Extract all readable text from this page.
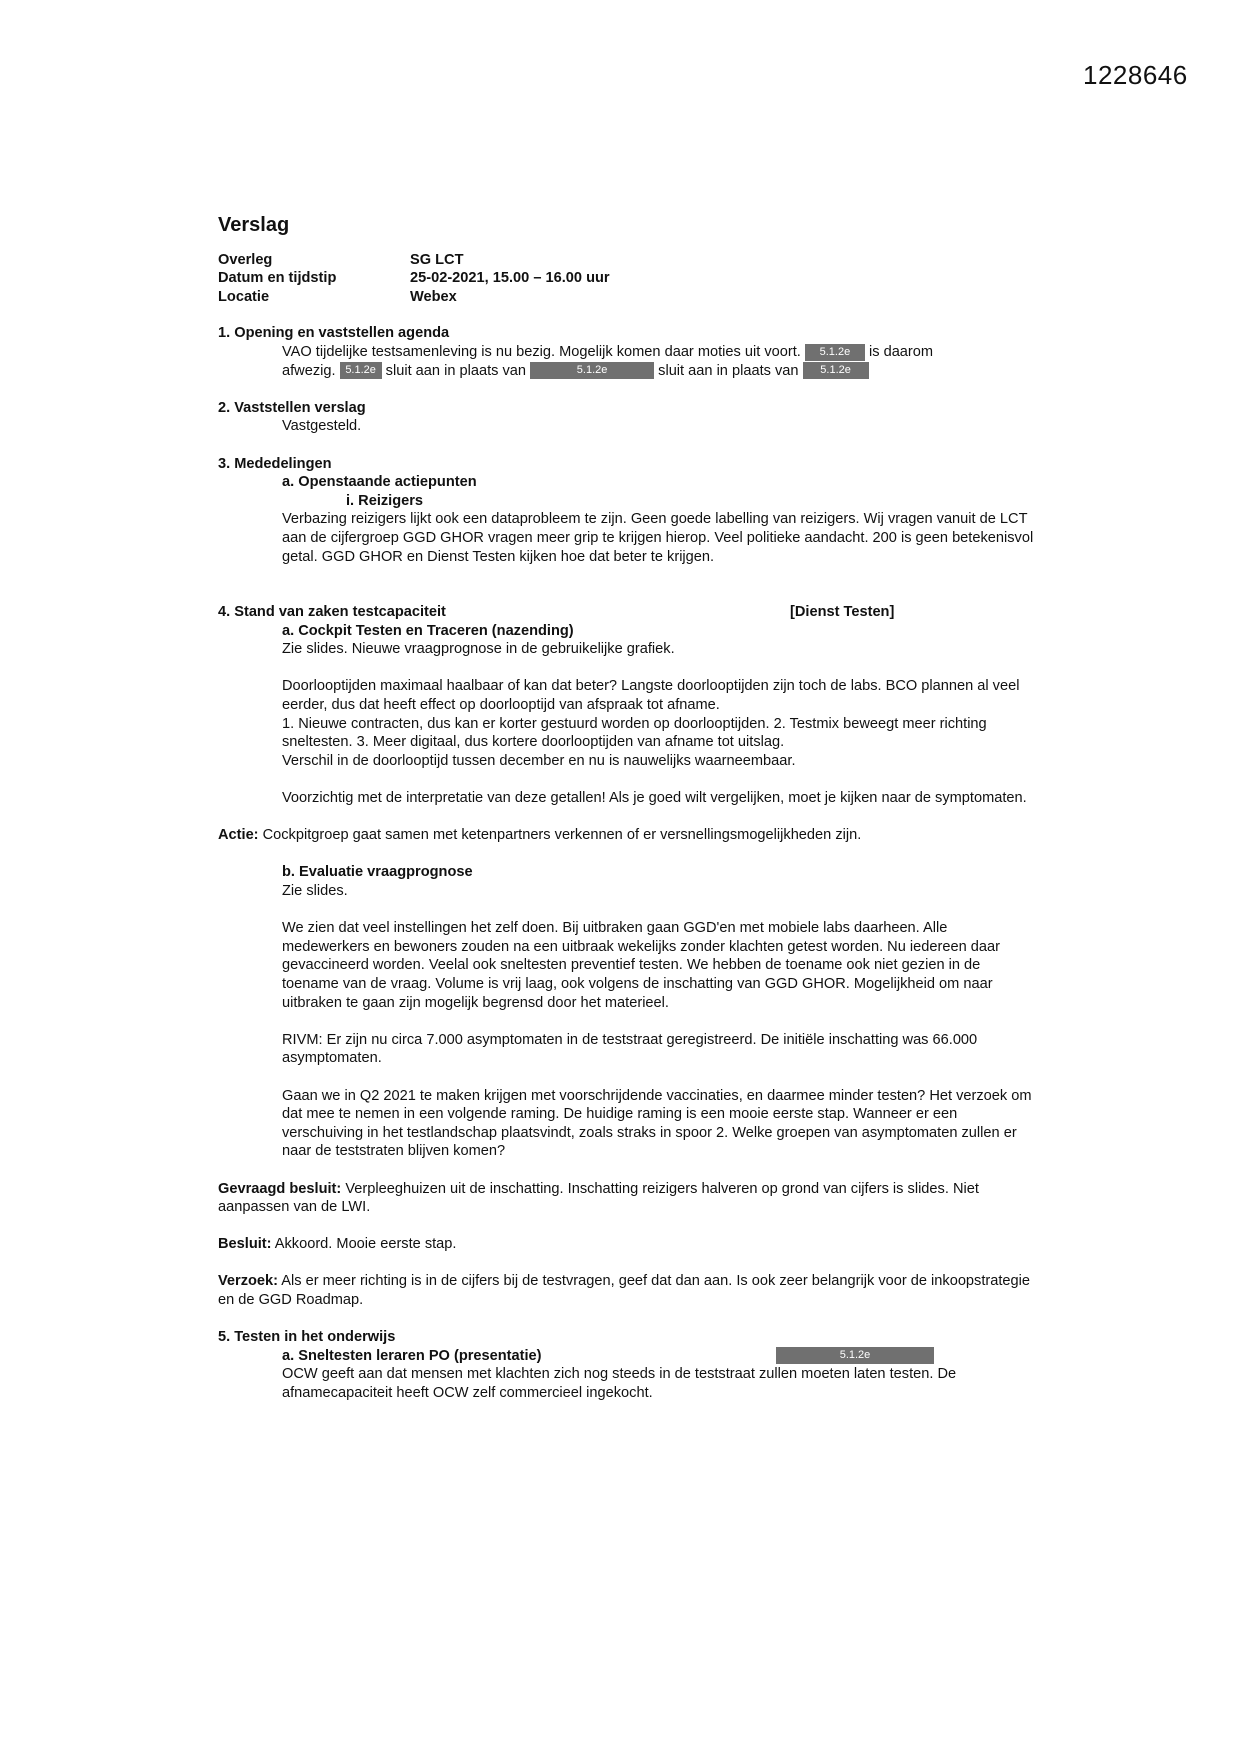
1228646
Verslag
Overleg	SG LCT
Datum en tijdstip	25-02-2021, 15.00 – 16.00 uur
Locatie	Webex
1. Opening en vaststellen agenda
VAO tijdelijke testsamenleving is nu bezig. Mogelijk komen daar moties uit voort. 5.1.2e is daarom
afwezig. 5.1.2e sluit aan in plaats van	5.1.2e	sluit aan in plaats van 5.1.2e
2. Vaststellen verslag
Vastgesteld.
3. Mededelingen
a. Openstaande actiepunten
i. Reizigers

Verbazing reizigers lijkt ook een dataprobleem te zijn. Geen goede labelling van reizigers. Wij vragen vanuit de LCT aan de cijfergroep GGD GHOR vragen meer grip te krijgen hierop. Veel politieke aandacht. 200 is geen betekenisvol getal. GGD GHOR en Dienst Testen kijken hoe dat beter te krijgen.

4. Stand van zaken testcapaciteit	[Dienst Testen]
a. Cockpit Testen en Traceren (nazending)

Zie slides. Nieuwe vraagprognose in de gebruikelijke grafiek.

Doorlooptijden maximaal haalbaar of kan dat beter? Langste doorlooptijden zijn toch de labs. BCO plannen al veel eerder, dus dat heeft effect op doorlooptijd van afspraak tot afname.

1. Nieuwe contracten, dus kan er korter gestuurd worden op doorlooptijden. 2. Testmix beweegt meer richting sneltesten. 3. Meer digitaal, dus kortere doorlooptijden van afname tot uitslag.

Verschil in de doorlooptijd tussen december en nu is nauwelijks waarneembaar.

Voorzichtig met de interpretatie van deze getallen! Als je goed wilt vergelijken, moet je kijken naar de symptomaten.

Actie: Cockpitgroep gaat samen met ketenpartners verkennen of er versnellingsmogelijkheden zijn.

b. Evaluatie vraagprognose

Zie slides.

We zien dat veel instellingen het zelf doen. Bij uitbraken gaan GGD'en met mobiele labs daarheen. Alle medewerkers en bewoners zouden na een uitbraak wekelijks zonder klachten getest worden. Nu iedereen daar gevaccineerd worden. Veelal ook sneltesten preventief testen. We hebben de toename ook niet gezien in de toename van de vraag. Volume is vrij laag, ook volgens de inschatting van GGD GHOR. Mogelijkheid om naar uitbraken te gaan zijn mogelijk begrensd door het materieel.

RIVM: Er zijn nu circa 7.000 asymptomaten in de teststraat geregistreerd. De initiële inschatting was 66.000 asymptomaten.

Gaan we in Q2 2021 te maken krijgen met voorschrijdende vaccinaties, en daarmee minder testen? Het verzoek om dat mee te nemen in een volgende raming. De huidige raming is een mooie eerste stap. Wanneer er een verschuiving in het testlandschap plaatsvindt, zoals straks in spoor 2. Welke groepen van asymptomaten zullen er naar de teststraten blijven komen?

Gevraagd besluit: Verpleeghuizen uit de inschatting. Inschatting reizigers halveren op grond van cijfers is slides. Niet aanpassen van de LWI.

Besluit: Akkoord. Mooie eerste stap.

Verzoek: Als er meer richting is in de cijfers bij de testvragen, geef dat dan aan. Is ook zeer belangrijk voor de inkoopstrategie en de GGD Roadmap.

5. Testen in het onderwijs
a. Sneltesten leraren PO (presentatie)	5.1.2e

OCW geeft aan dat mensen met klachten zich nog steeds in de teststraat zullen moeten laten testen. De afnamecapaciteit heeft OCW zelf commercieel ingekocht.
